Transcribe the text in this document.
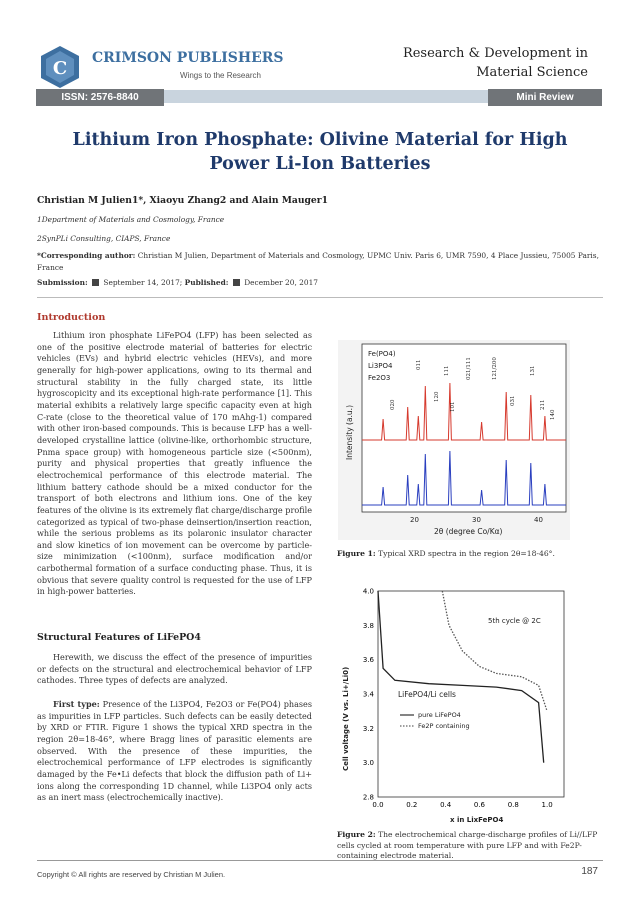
C CRIMSON PUBLISHERS
Wings to the Research
Research & Development in
Material Science
ISSN: 2576-8840	Mini Review
Lithium Iron Phosphate: Olivine Material for High
Power Li-Ion Batteries
Christian M Julien1*, Xiaoyu Zhang2 and Alain Mauger1
1Department of Materials and Cosmology, France
2SynPLi Consulting, CIAPS, France
*Corresponding author: Christian M Julien, Department of Materials and Cosmology, UPMC Univ. Paris 6, UMR 7590, 4 Place Jussieu, 75005 Paris, France
Submission: September 14, 2017; Published: December 20, 2017
Introduction

Lithium iron phosphate LiFePO4 (LFP) has been selected as one of the positive electrode material of batteries for electric vehicles (EVs) and hybrid electric vehicles (HEVs), and more generally for high-power applications, owing to its thermal and structural stability in the fully charged state, its little hygroscopicity and its exceptional high-rate performance [1]. This material exhibits a relatively large specific capacity even at high C-rate (close to the theoretical value of 170 mAhg-1) compared with other iron-based compounds. This is because LFP has a well-developed crystalline lattice (olivine-like, orthorhombic structure, Pnma space group) with homogeneous particle size (<500nm), purity and physical properties that greatly influence the electrochemical performance of this electrode material. The lithium battery cathode should be a mixed conductor for the transport of both electrons and lithium ions. One of the key features of the olivine is its extremely flat charge/discharge profile categorized as typical of two-phase deinsertion/insertion reaction, while the serious problems as its polaronic insulator character and slow kinetics of ion movement can be overcome by particle-size minimization (<100nm), surface modification and/or carbothermal formation of a surface conducting phase. Thus, it is obvious that severe quality control is requested for the use of LFP in high-power batteries.

Structural Features of LiFePO4

Herewith, we discuss the effect of the presence of impurities or defects on the structural and electrochemical behavior of LFP cathodes. Three types of defects are analyzed.

First type: Presence of the Li3PO4, Fe2O3 or Fe(PO4) phases as impurities in LFP particles. Such defects can be easily detected by XRD or FTIR. Figure 1 shows the typical XRD spectra in the region 2θ=18-46°, where Bragg lines of parasitic elements are observed. With the presence of these impurities, the electrochemical performance of LFP electrodes is significantly damaged by the Fe•Li defects that block the diffusion path of Li+ ions along the corresponding 1D channel, while Li3PO4 only acts as an inert mass (electrochemically inactive).

Fe(PO4)
Li3PO4
Fe2O3
020
011
120
111
101
021/111	121/200
031
131
211
140
Intensity (a.u.)
20	30	40
2θ (degree Co/Kα)
Figure 1: Typical XRD spectra in the region 2θ=18-46°.
5th cycle @ 2C
LiFePO4/Li cells
pure LiFePO4
Fe2P containing
2.8
3.0
3.2
3.4
3.6
3.8
4.0
0.0	0.2	0.4	0.6	0.8	1.0
Cell voltage (V vs. Li+/Li0)
x in LixFePO4
Figure 2: The electrochemical charge-discharge profiles of Li//LFP cells cycled at room temperature with pure LFP and with Fe2P-containing electrode material.
Copyright © All rights are reserved by Christian M Julien.	187
